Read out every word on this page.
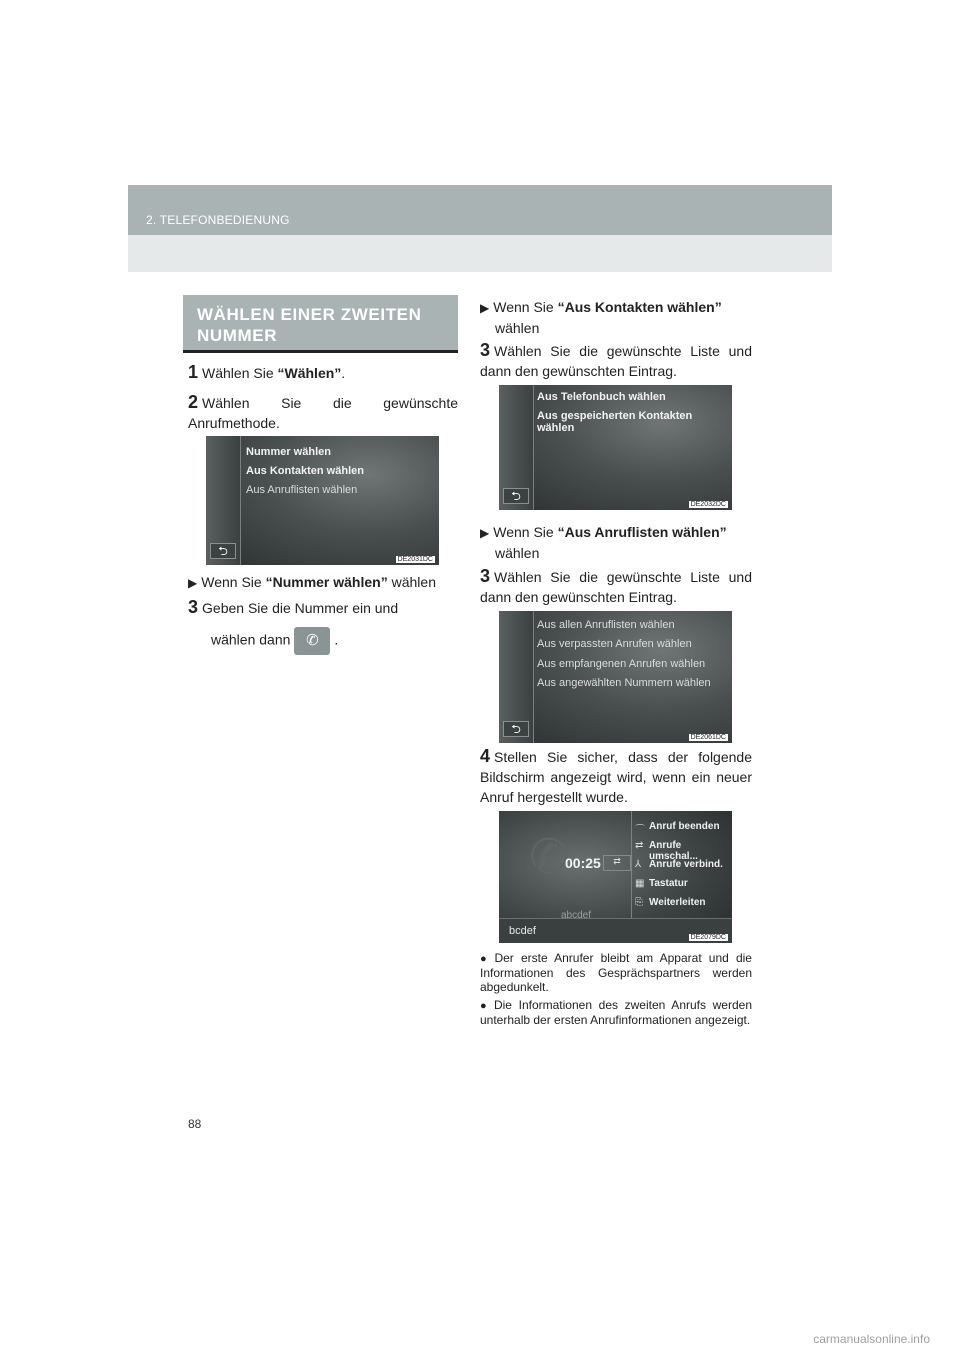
2. TELEFONBEDIENUNG
WÄHLEN EINER ZWEITEN
NUMMER
1 Wählen Sie “Wählen”.
2 Wählen Sie die gewünschte Anrufmethode.
⮌
Nummer wählen
Aus Kontakten wählen
Aus Anruflisten wählen
DE2031DC
▶ Wenn Sie “Nummer wählen” wählen
3 Geben Sie die Nummer ein und
wählen dann ✆ .
▶ Wenn Sie “Aus Kontakten wählen”
wählen
3 Wählen Sie die gewünschte Liste und dann den gewünschten Eintrag.
⮌
Aus Telefonbuch wählen
Aus gespeicherten Kontakten wählen
DE2032DC
▶ Wenn Sie “Aus Anruflisten wählen”
wählen
3 Wählen Sie die gewünschte Liste und dann den gewünschten Eintrag.
⮌
Aus allen Anruflisten wählen
Aus verpassten Anrufen wählen
Aus empfangenen Anrufen wählen
Aus angewählten Nummern wählen
DE2061DC
4 Stellen Sie sicher, dass der folgende Bildschirm angezeigt wird, wenn ein neuer Anruf hergestellt wurde.
✆
00:25	⇄
⌒ Anruf beenden
⇄ Anrufe umschal...
⅄ Anrufe verbind.
▦ Tastatur
⎘ Weiterleiten
bcdef
abcdef
DE2079DC
● Der erste Anrufer bleibt am Apparat und die Informationen des Gesprächspartners werden abgedunkelt.
● Die Informationen des zweiten Anrufs werden unterhalb der ersten Anrufinformationen angezeigt.
88
carmanualsonline.info
